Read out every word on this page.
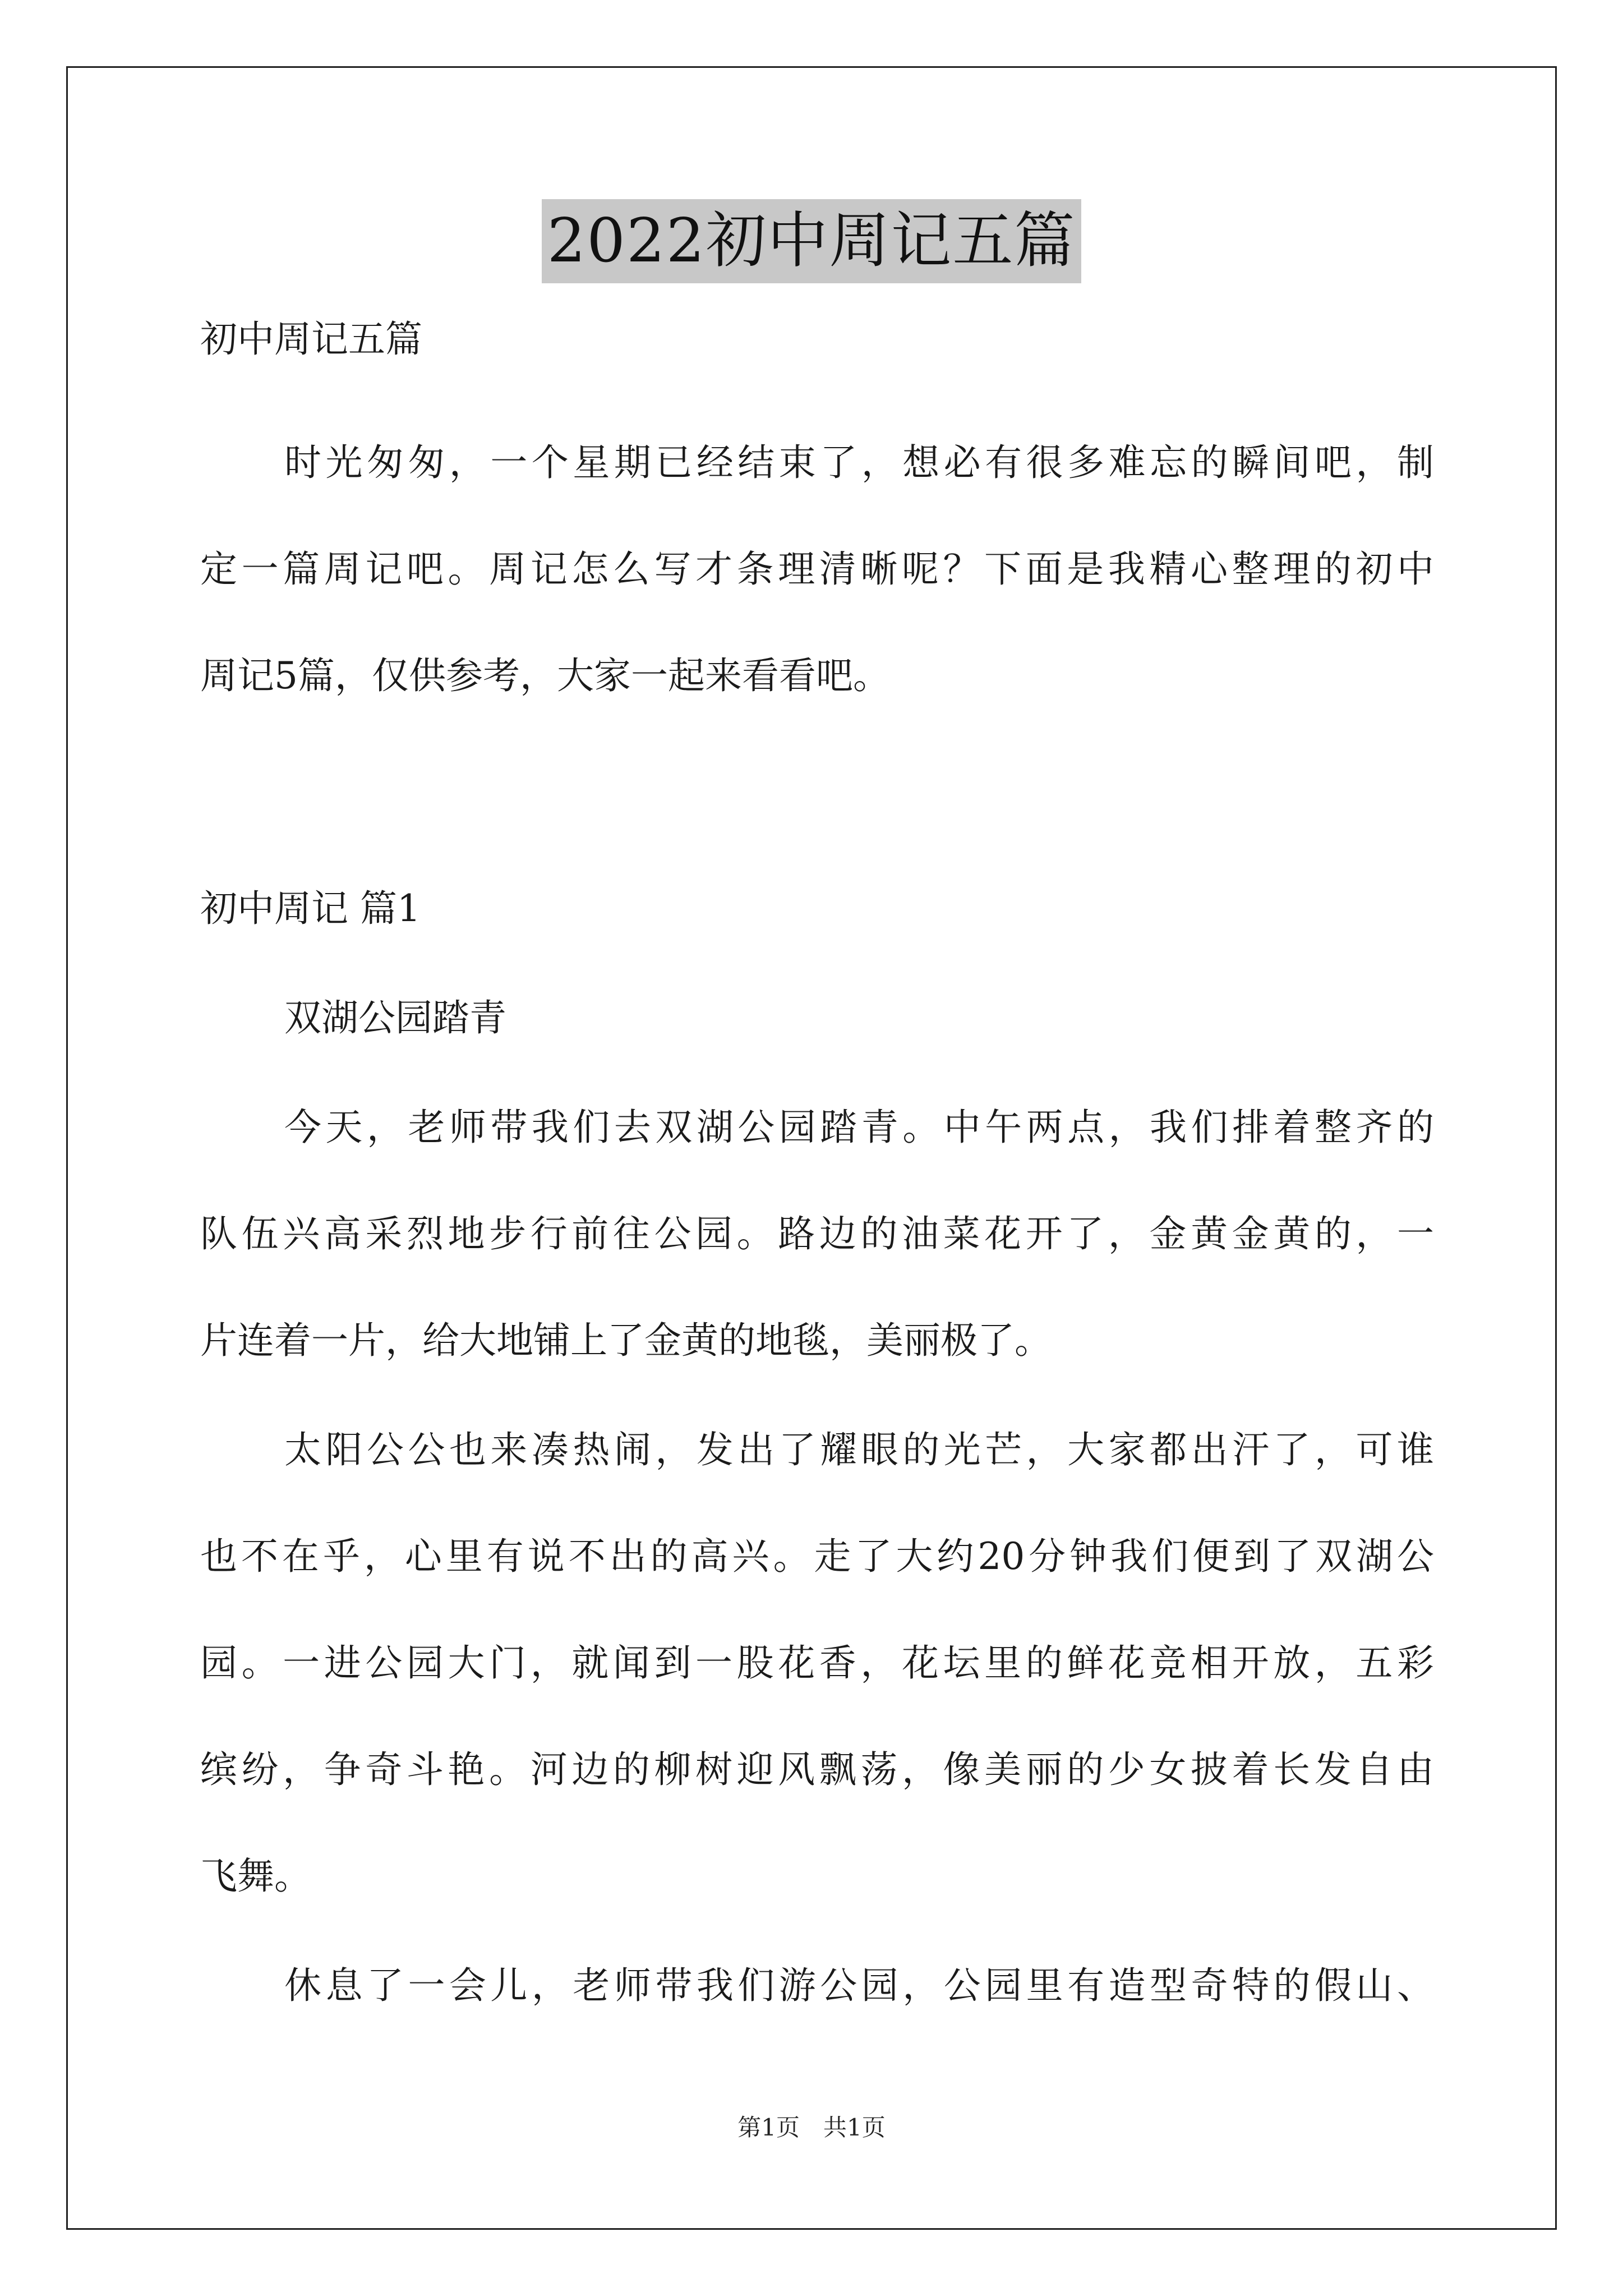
2022初中周记五篇
初中周记五篇
时光匆匆，一个星期已经结束了，想必有很多难忘的瞬间吧，制
定一篇周记吧。周记怎么写才条理清晰呢？下面是我精心整理的初中
周记5篇，仅供参考，大家一起来看看吧。
初中周记 篇1
双湖公园踏青
今天，老师带我们去双湖公园踏青。中午两点，我们排着整齐的
队伍兴高采烈地步行前往公园。路边的油菜花开了，金黄金黄的，一
片连着一片，给大地铺上了金黄的地毯，美丽极了。
太阳公公也来凑热闹，发出了耀眼的光芒，大家都出汗了，可谁
也不在乎，心里有说不出的高兴。走了大约20分钟我们便到了双湖公
园。一进公园大门，就闻到一股花香，花坛里的鲜花竞相开放，五彩
缤纷，争奇斗艳。河边的柳树迎风飘荡，像美丽的少女披着长发自由
飞舞。
休息了一会儿，老师带我们游公园，公园里有造型奇特的假山、
第1页　共1页
